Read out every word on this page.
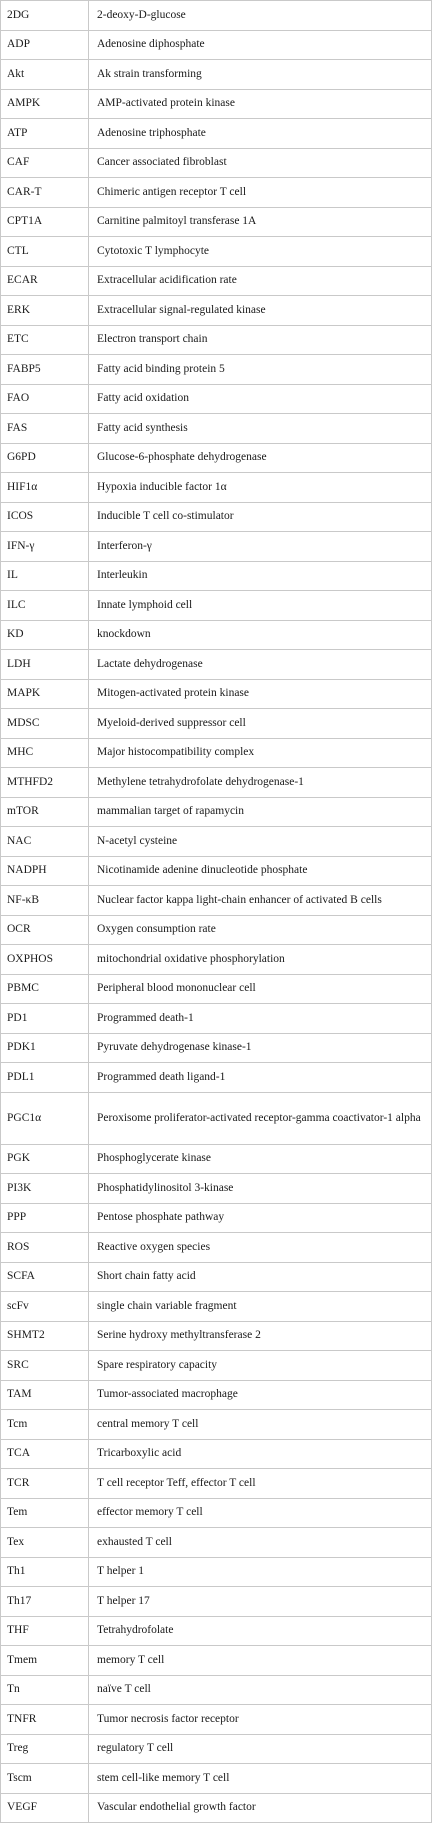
2DG	2-deoxy-D-glucose
ADP	Adenosine diphosphate
Akt	Ak strain transforming
AMPK	AMP-activated protein kinase
ATP	Adenosine triphosphate
CAF	Cancer associated fibroblast
CAR-T	Chimeric antigen receptor T cell
CPT1A	Carnitine palmitoyl transferase 1A
CTL	Cytotoxic T lymphocyte
ECAR	Extracellular acidification rate
ERK	Extracellular signal-regulated kinase
ETC	Electron transport chain
FABP5	Fatty acid binding protein 5
FAO	Fatty acid oxidation
FAS	Fatty acid synthesis
G6PD	Glucose-6-phosphate dehydrogenase
HIF1α	Hypoxia inducible factor 1α
ICOS	Inducible T cell co-stimulator
IFN-γ	Interferon-γ
IL	Interleukin
ILC	Innate lymphoid cell
KD	knockdown
LDH	Lactate dehydrogenase
MAPK	Mitogen-activated protein kinase
MDSC	Myeloid-derived suppressor cell
MHC	Major histocompatibility complex
MTHFD2	Methylene tetrahydrofolate dehydrogenase-1
mTOR	mammalian target of rapamycin
NAC	N-acetyl cysteine
NADPH	Nicotinamide adenine dinucleotide phosphate
NF-κB	Nuclear factor kappa light-chain enhancer of activated B cells
OCR	Oxygen consumption rate
OXPHOS	mitochondrial oxidative phosphorylation
PBMC	Peripheral blood mononuclear cell
PD1	Programmed death-1
PDK1	Pyruvate dehydrogenase kinase-1
PDL1	Programmed death ligand-1
PGC1α	Peroxisome proliferator-activated receptor-gamma coactivator-1 alpha
PGK	Phosphoglycerate kinase
PI3K	Phosphatidylinositol 3-kinase
PPP	Pentose phosphate pathway
ROS	Reactive oxygen species
SCFA	Short chain fatty acid
scFv	single chain variable fragment
SHMT2	Serine hydroxy methyltransferase 2
SRC	Spare respiratory capacity
TAM	Tumor-associated macrophage
Tcm	central memory T cell
TCA	Tricarboxylic acid
TCR	T cell receptor Teff, effector T cell
Tem	effector memory T cell
Tex	exhausted T cell
Th1	T helper 1
Th17	T helper 17
THF	Tetrahydrofolate
Tmem	memory T cell
Tn	naïve T cell
TNFR	Tumor necrosis factor receptor
Treg	regulatory T cell
Tscm	stem cell-like memory T cell
VEGF	Vascular endothelial growth factor
